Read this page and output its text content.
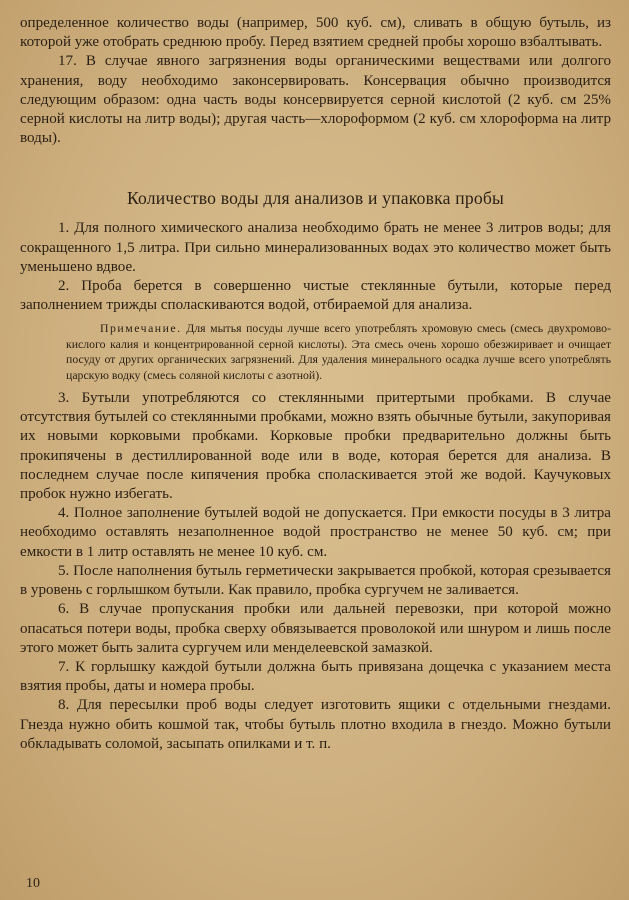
определенное количество воды (например, 500 куб. см), сливать в общую бутыль, из которой уже отобрать среднюю пробу. Перед взятием средней пробы хорошо взбалтывать.

17. В случае явного загрязнения воды органическими веществами или долгого хранения, воду необходимо законсервировать. Консервация обычно производится следующим образом: одна часть воды консервируется серной кислотой (2 куб. см 25% серной кислоты на литр воды); другая часть—хлороформом (2 куб. см хлороформа на литр воды).

Количество воды для анализов и упаковка пробы

1. Для полного химического анализа необходимо брать не менее 3 литров воды; для сокращенного 1,5 литра. При сильно минерализованных водах это количество может быть уменьшено вдвое.

2. Проба берется в совершенно чистые стеклянные бутыли, которые перед заполнением трижды споласкиваются водой, отбираемой для анализа.

Примечание. Для мытья посуды лучше всего употреблять хромовую смесь (смесь двухромово-кислого калия и концентрированной серной кислоты). Эта смесь очень хорошо обезжиривает и очищает посуду от других органических загрязнений. Для удаления минерального осадка лучше всего употреблять царскую водку (смесь соляной кислоты с азотной).

3. Бутыли употребляются со стеклянными притертыми пробками. В случае отсутствия бутылей со стеклянными пробками, можно взять обычные бутыли, закупоривая их новыми корковыми пробками. Корковые пробки предварительно должны быть прокипячены в дестиллированной воде или в воде, которая берется для анализа. В последнем случае после кипячения пробка споласкивается этой же водой. Каучуковых пробок нужно избегать.

4. Полное заполнение бутылей водой не допускается. При емкости посуды в 3 литра необходимо оставлять незаполненное водой пространство не менее 50 куб. см; при емкости в 1 литр оставлять не менее 10 куб. см.

5. После наполнения бутыль герметически закрывается пробкой, которая срезывается в уровень с горлышком бутыли. Как правило, пробка сургучем не заливается.

6. В случае пропускания пробки или дальней перевозки, при которой можно опасаться потери воды, пробка сверху обвязывается проволокой или шнуром и лишь после этого может быть залита сургучем или менделеевской замазкой.

7. К горлышку каждой бутыли должна быть привязана дощечка с указанием места взятия пробы, даты и номера пробы.

8. Для пересылки проб воды следует изготовить ящики с отдельными гнездами. Гнезда нужно обить кошмой так, чтобы бутыль плотно входила в гнездо. Можно бутыли обкладывать соломой, засыпать опилками и т. п.

10
